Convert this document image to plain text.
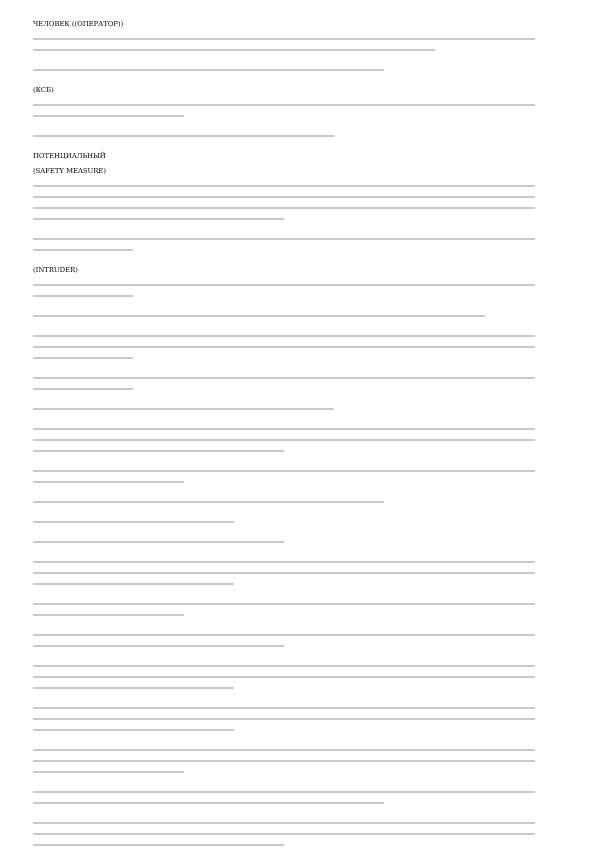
ЧЕЛОВЕК ((ОПЕРАТОР))
(КСБ)
ПОТЕНЦИАЛЬНЫЙ
(SAFETY MEASURE)
(INTRUDER)
